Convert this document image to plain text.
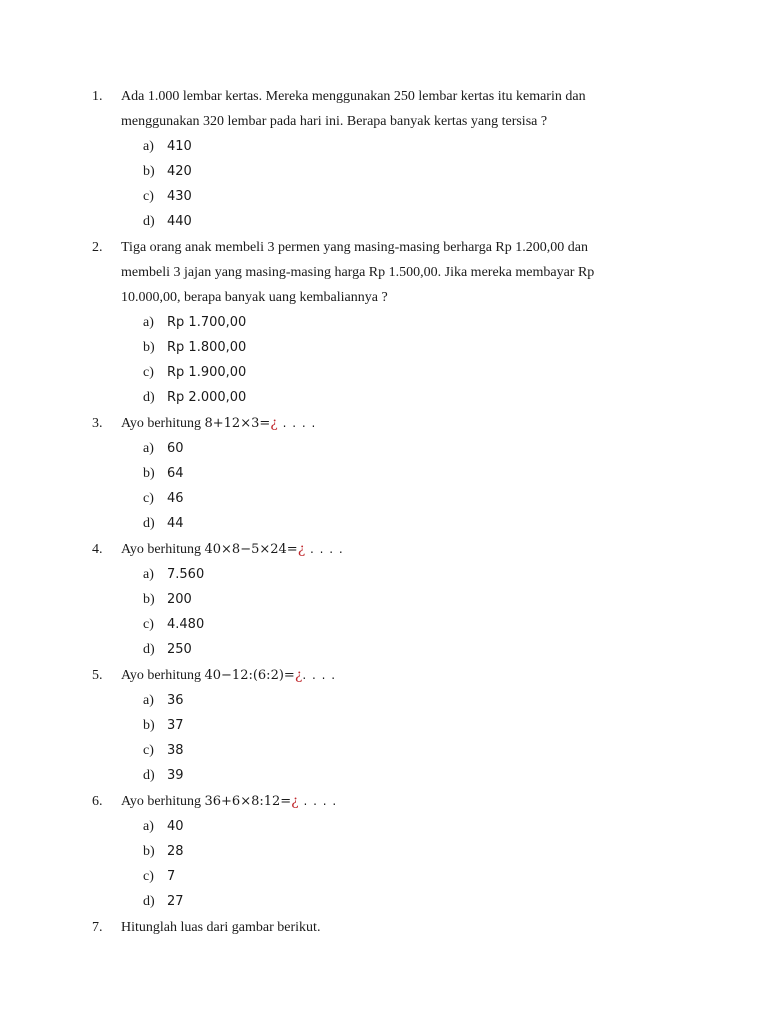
1. Ada 1.000 lembar kertas. Mereka menggunakan 250 lembar kertas itu kemarin dan

menggunakan 320 lembar pada hari ini. Berapa banyak kertas yang tersisa ?

a) 410
b) 420
c) 430
d) 440
2. Tiga orang anak membeli 3 permen yang masing-masing berharga Rp 1.200,00 dan

membeli 3 jajan yang masing-masing harga Rp 1.500,00. Jika mereka membayar Rp

10.000,00, berapa banyak uang kembaliannya ?

a) Rp 1.700,00
b) Rp 1.800,00
c) Rp 1.900,00
d) Rp 2.000,00
3. Ayo berhitung 8+12×3=¿ . . . .

a) 60
b) 64
c) 46
d) 44
4. Ayo berhitung 40×8−5×24=¿ . . . .

a) 7.560
b) 200
c) 4.480
d) 250
5. Ayo berhitung 40−12:(6:2)=¿. . . .

a) 36
b) 37
c) 38
d) 39
6. Ayo berhitung 36+6×8:12=¿ . . . .

a) 40
b) 28
c) 7
d) 27
7. Hitunglah luas dari gambar berikut.
